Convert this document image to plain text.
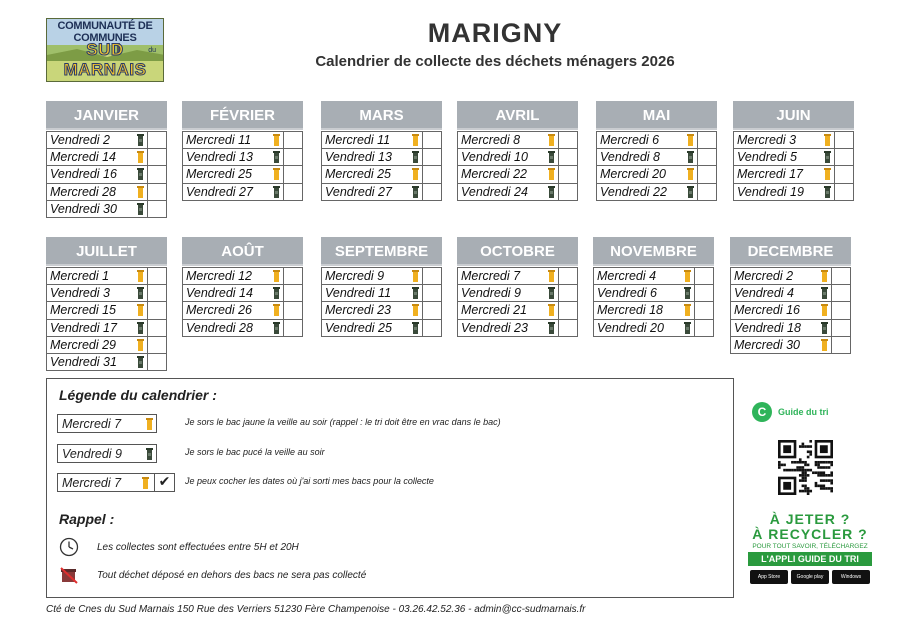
COMMUNAUTÉ DE
COMMUNES
du
SUD MARNAIS
MARIGNY
Calendrier de collecte des déchets ménagers 2026
JANVIER
Vendredi 2
Mercredi 14
Vendredi 16
Mercredi 28
Vendredi 30
FÉVRIER
Mercredi 11
Vendredi 13
Mercredi 25
Vendredi 27
MARS
Mercredi 11
Vendredi 13
Mercredi 25
Vendredi 27
AVRIL
Mercredi 8
Vendredi 10
Mercredi 22
Vendredi 24
MAI
Mercredi 6
Vendredi 8
Mercredi 20
Vendredi 22
JUIN
Mercredi 3
Vendredi 5
Mercredi 17
Vendredi 19
JUILLET
Mercredi 1
Vendredi 3
Mercredi 15
Vendredi 17
Mercredi 29
Vendredi 31
AOÛT
Mercredi 12
Vendredi 14
Mercredi 26
Vendredi 28
SEPTEMBRE
Mercredi 9
Vendredi 11
Mercredi 23
Vendredi 25
OCTOBRE
Mercredi 7
Vendredi 9
Mercredi 21
Vendredi 23
NOVEMBRE
Mercredi 4
Vendredi 6
Mercredi 18
Vendredi 20
DECEMBRE
Mercredi 2
Vendredi 4
Mercredi 16
Vendredi 18
Mercredi 30
Légende du calendrier :
Mercredi 7	Je sors le bac jaune la veille au soir (rappel : le tri doit être en vrac dans le bac)
Vendredi 9	Je sors le bac pucé la veille au soir
Mercredi 7	✔	Je peux cocher les dates où j'ai sorti mes bacs pour la collecte
Rappel :
Les collectes sont effectuées entre 5H et 20H
Tout déchet déposé en dehors des bacs ne sera pas collecté
C	Guide du tri
À JETER ?
À RECYCLER ?
POUR TOUT SAVOIR, TÉLÉCHARGEZ
L'APPLI GUIDE DU TRI
App Store	Google play	Windows Phone
Cté de Cnes du Sud Marnais 150 Rue des Verriers 51230 Fère Champenoise - 03.26.42.52.36 - admin@cc-sudmarnais.fr
